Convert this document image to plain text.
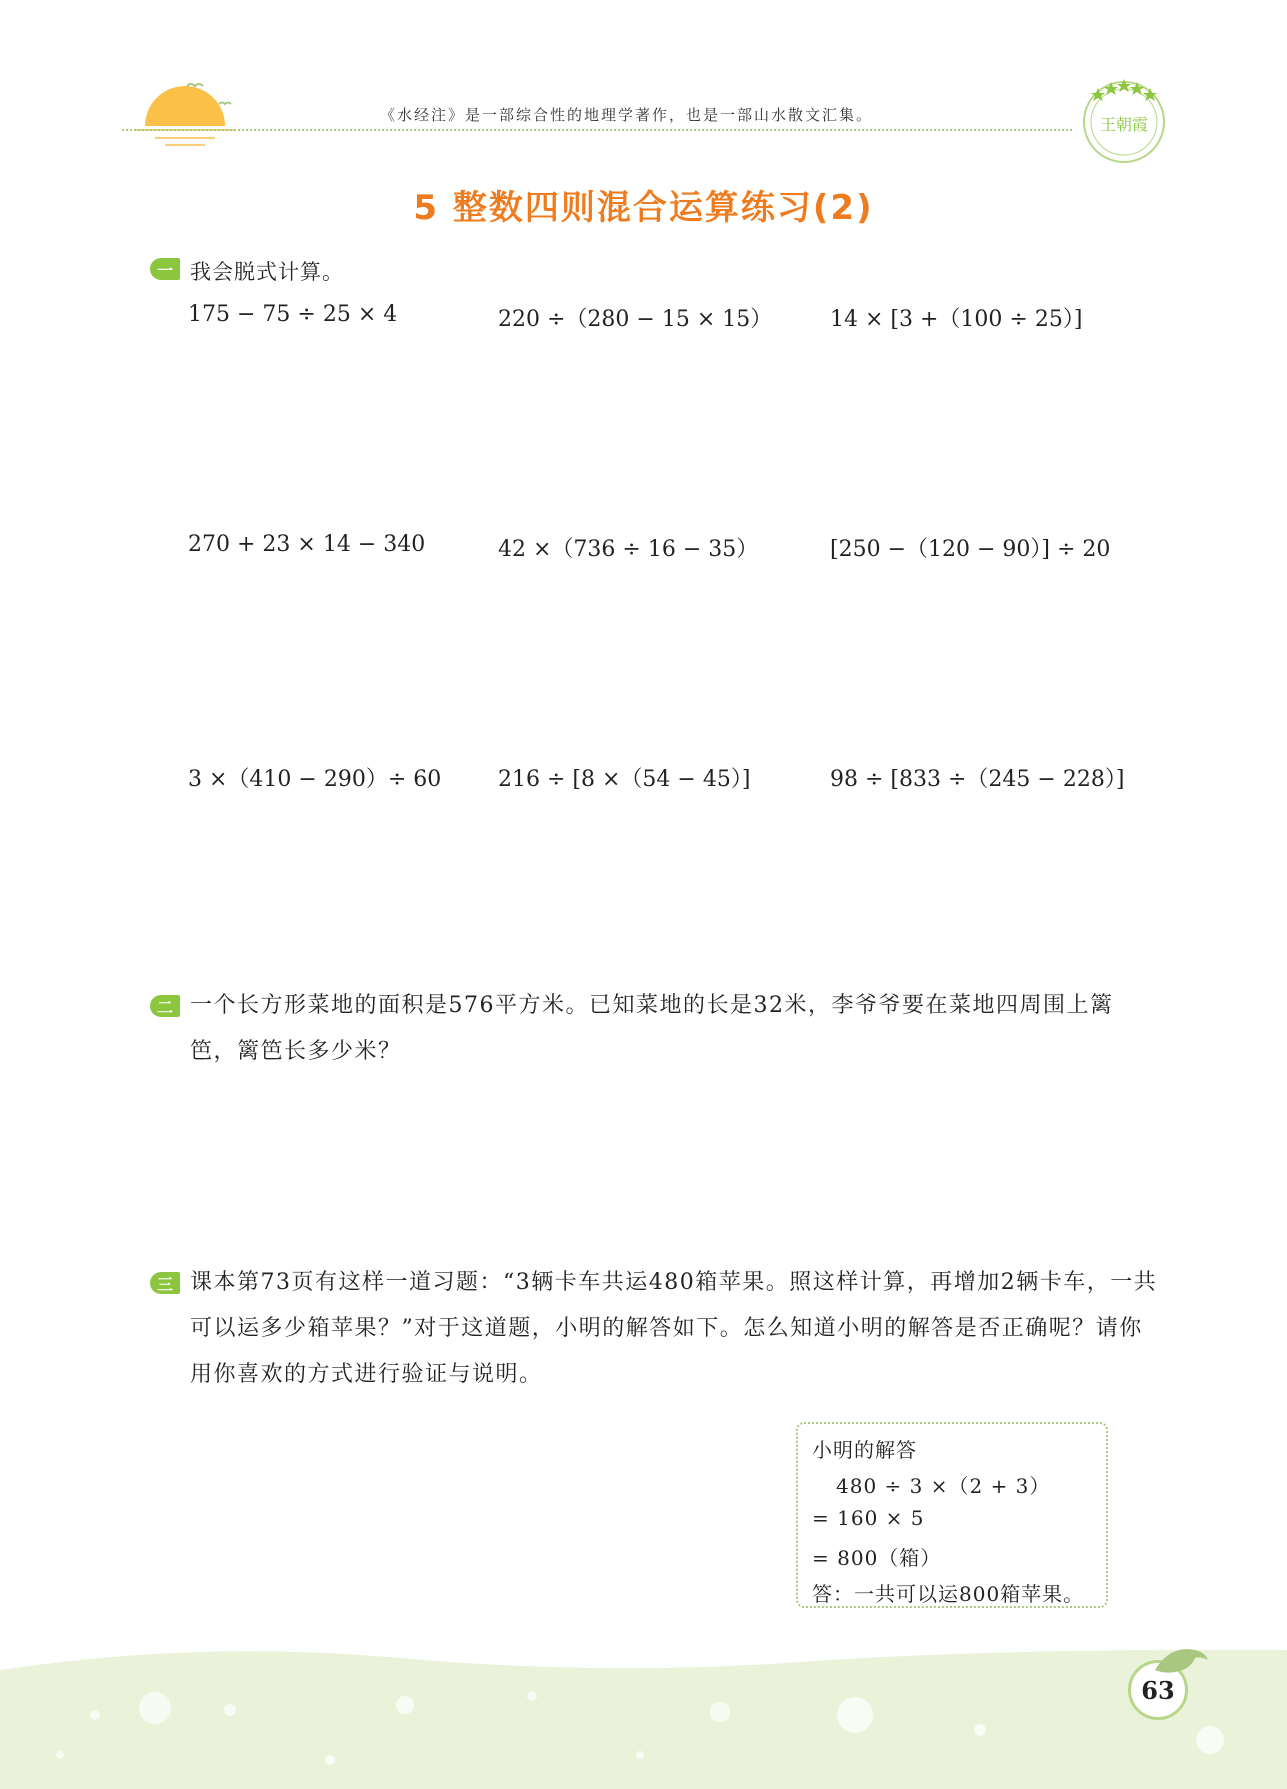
《水经注》是一部综合性的地理学著作，也是一部山水散文汇集。	王朝霞
5 整数四则混合运算练习(2)
一 我会脱式计算。
175 − 75 ÷ 25 × 4	220 ÷（280 − 15 × 15）	14 × [3 +（100 ÷ 25）]
270 + 23 × 14 − 340	42 ×（736 ÷ 16 − 35）	[250 −（120 − 90）] ÷ 20
3 ×（410 − 290）÷ 60	216 ÷ [8 ×（54 − 45）]	98 ÷ [833 ÷（245 − 228）]
二 一个长方形菜地的面积是576平方米。已知菜地的长是32米，李爷爷要在菜地四周围上篱笆，篱笆长多少米？
三 课本第73页有这样一道习题：“3辆卡车共运480箱苹果。照这样计算，再增加2辆卡车，一共可以运多少箱苹果？”对于这道题，小明的解答如下。怎么知道小明的解答是否正确呢？请你用你喜欢的方式进行验证与说明。
小明的解答
480 ÷ 3 ×（2 + 3）
= 160 × 5
= 800（箱）
答：一共可以运800箱苹果。
63
